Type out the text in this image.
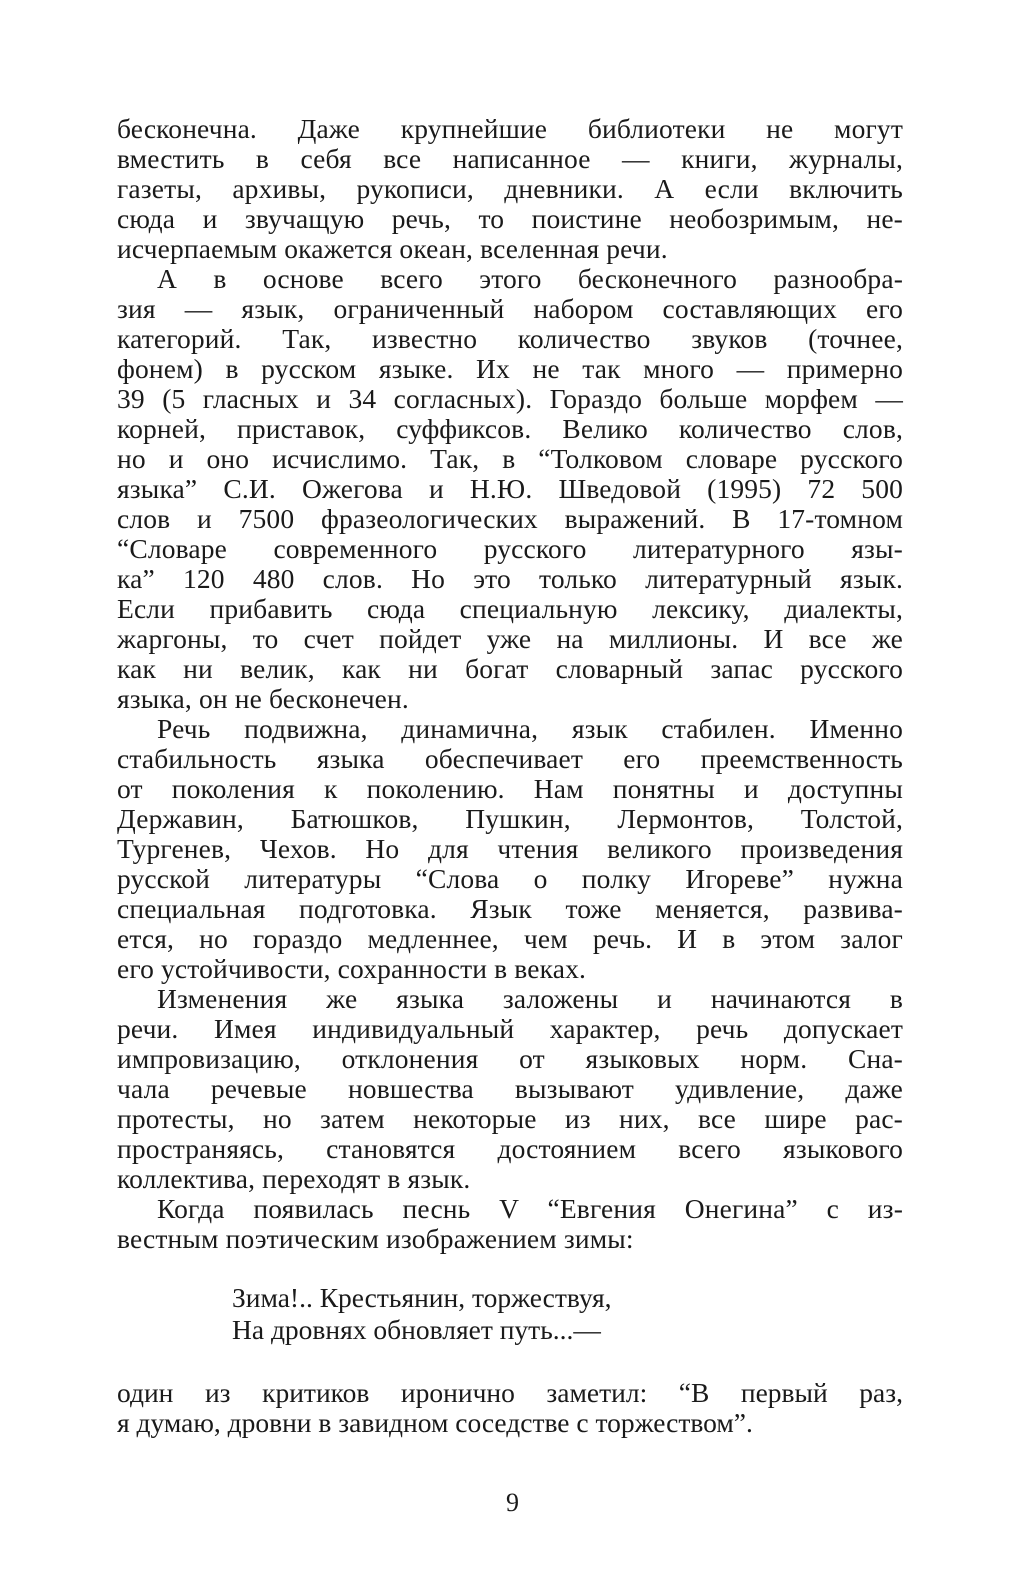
бесконечна. Даже крупнейшие библиотеки не могут
вместить в себя все написанное — книги, журналы,
газеты, архивы, рукописи, дневники. А если включить
сюда и звучащую речь, то поистине необозримым, не-
исчерпаемым окажется океан, вселенная речи.
А в основе всего этого бесконечного разнообра-
зия — язык, ограниченный набором составляющих его
категорий. Так, известно количество звуков (точнее,
фонем) в русском языке. Их не так много — примерно
39 (5 гласных и 34 согласных). Гораздо больше морфем —
корней, приставок, суффиксов. Велико количество слов,
но и оно исчислимо. Так, в “Толковом словаре русского
языка” С.И. Ожегова и Н.Ю. Шведовой (1995) 72 500
слов и 7500 фразеологических выражений. В 17-томном
“Словаре современного русского литературного язы-
ка” 120 480 слов. Но это только литературный язык.
Если прибавить сюда специальную лексику, диалекты,
жаргоны, то счет пойдет уже на миллионы. И все же
как ни велик, как ни богат словарный запас русского
языка, он не бесконечен.
Речь подвижна, динамична, язык стабилен. Именно
стабильность языка обеспечивает его преемственность
от поколения к поколению. Нам понятны и доступны
Державин, Батюшков, Пушкин, Лермонтов, Толстой,
Тургенев, Чехов. Но для чтения великого произведения
русской литературы “Слова о полку Игореве” нужна
специальная подготовка. Язык тоже меняется, развива-
ется, но гораздо медленнее, чем речь. И в этом залог
его устойчивости, сохранности в веках.
Изменения же языка заложены и начинаются в
речи. Имея индивидуальный характер, речь допускает
импровизацию, отклонения от языковых норм. Сна-
чала речевые новшества вызывают удивление, даже
протесты, но затем некоторые из них, все шире рас-
пространяясь, становятся достоянием всего языкового
коллектива, переходят в язык.
Когда появилась песнь V “Евгения Онегина” с из-
вестным поэтическим изображением зимы:
Зима!.. Крестьянин, торжествуя,
На дровнях обновляет путь...—
один из критиков иронично заметил: “В первый раз,
я думаю, дровни в завидном соседстве с торжеством”.
9
